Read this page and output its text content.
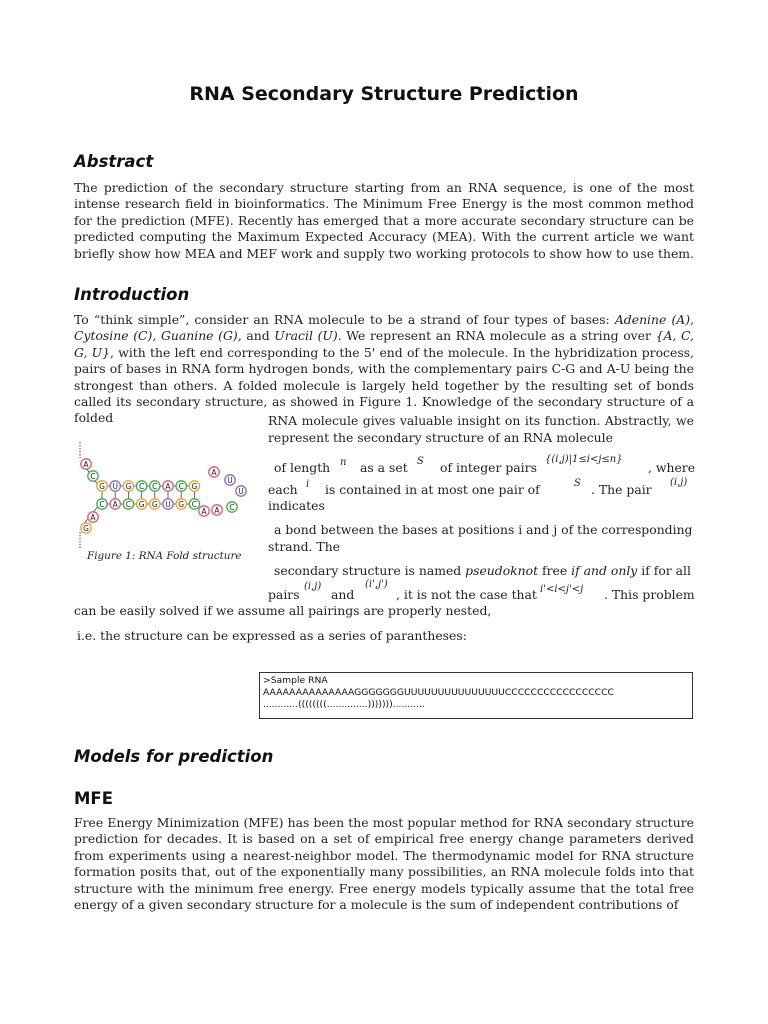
RNA Secondary Structure Prediction
Abstract

The prediction of the secondary structure starting from an RNA sequence, is one of the most intense research field in bioinformatics. The Minimum Free Energy is the most common method for the prediction (MFE). Recently has emerged that a more accurate secondary structure can be predicted computing the Maximum Expected Accuracy (MEA). With the current article we want briefly show how MEA and MEF work and supply two working protocols to show how to use them.

Introduction

To “think simple”, consider an RNA molecule to be a strand of four types of bases: Adenine (A), Cytosine (C), Guanine (G), and Uracil (U). We represent an RNA molecule as a string over {A, C, G, U}, with the left end corresponding to the 5' end of the molecule. In the hybridization process, pairs of bases in RNA form hydrogen bonds, with the complementary pairs C-G and A-U being the strongest than others. A folded molecule is largely held together by the resulting set of bonds called its secondary structure, as showed in Figure 1. Knowledge of the secondary structure of a folded	RNA molecule gives valuable insight on its function. Abstractly, we
represent the secondary structure of an RNA molecule
of length n as a set S of integer pairs
{(i,j)|1≤i<j≤n}
, where
each i is contained in at most one pair of	S . The pair (i,j)
indicates
a bond between the bases at positions i and j of the corresponding
strand. The
secondary structure is named pseudoknot free if and only if for all
pairs
(i,j)
and
(i',j')
, it is not the case that i'<i<j'<j . This problem
can be easily solved if we assume all pairings are properly nested,
i.e. the structure can be expressed as a series of parantheses:
A
C
A
G
G U G C C A C G
C A C G G U G C
A
U
U
C
A
A
Figure 1: RNA Fold structure
>Sample RNA
AAAAAAAAAAAAAAGGGGGGGUUUUUUUUUUUUUUUCCCCCCCCCCCCCCCCC
............((((((((..............)))))))...........
Models for prediction
MFE

Free Energy Minimization (MFE) has been the most popular method for RNA secondary structure prediction for decades. It is based on a set of empirical free energy change parameters derived from experiments using a nearest-neighbor model. The thermodynamic model for RNA structure formation posits that, out of the exponentially many possibilities, an RNA molecule folds into that structure with the minimum free energy. Free energy models typically assume that the total free energy of a given secondary structure for a molecule is the sum of independent contributions of
